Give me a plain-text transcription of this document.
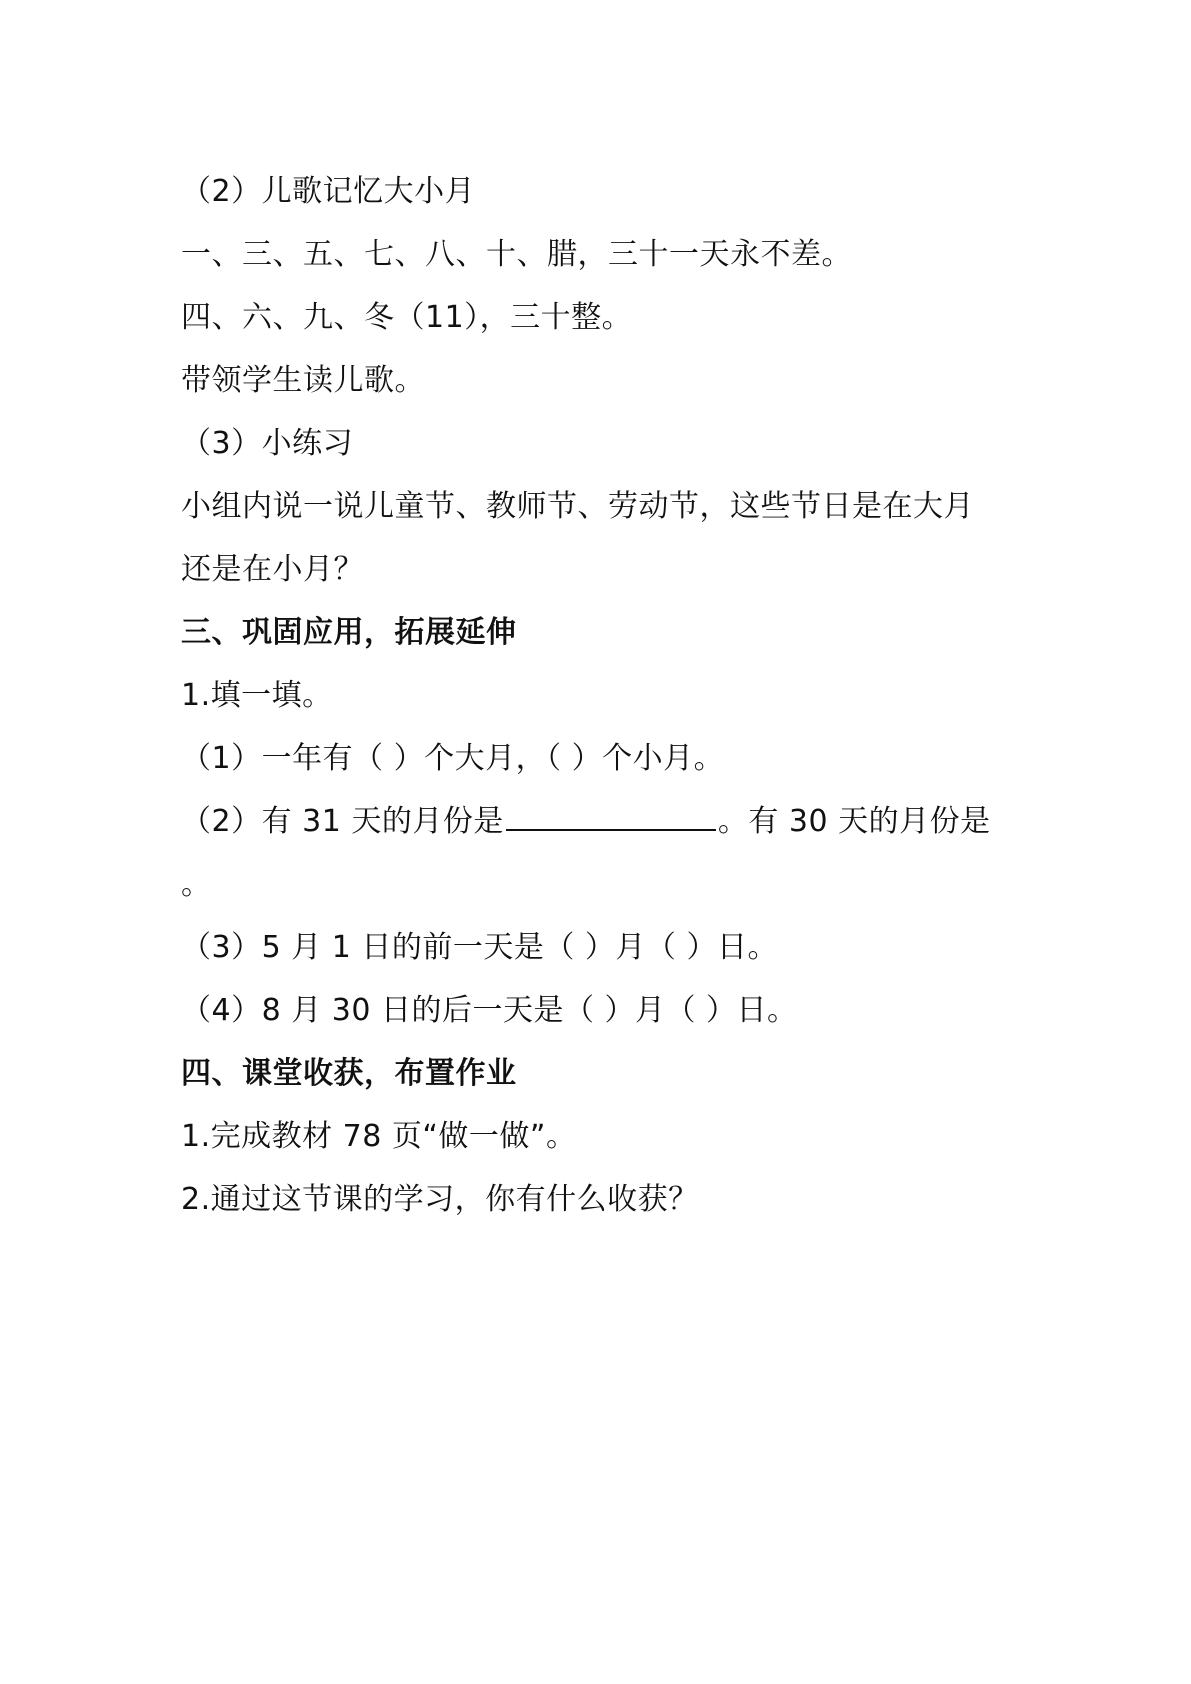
（2）儿歌记忆大小月
一、三、五、七、八、十、腊，三十一天永不差。
四、六、九、冬（11），三十整。
带领学生读儿歌。
（3）小练习
小组内说一说儿童节、教师节、劳动节，这些节日是在大月
还是在小月？
三、巩固应用，拓展延伸
1.填一填。
（1）一年有（ ）个大月，（ ）个小月。
（2）有 31 天的月份是	。有 30 天的月份是
。
（3）5 月 1 日的前一天是（ ）月（ ）日。
（4）8 月 30 日的后一天是（ ）月（ ）日。
四、课堂收获，布置作业
1.完成教材 78 页“做一做”。
2.通过这节课的学习，你有什么收获？
